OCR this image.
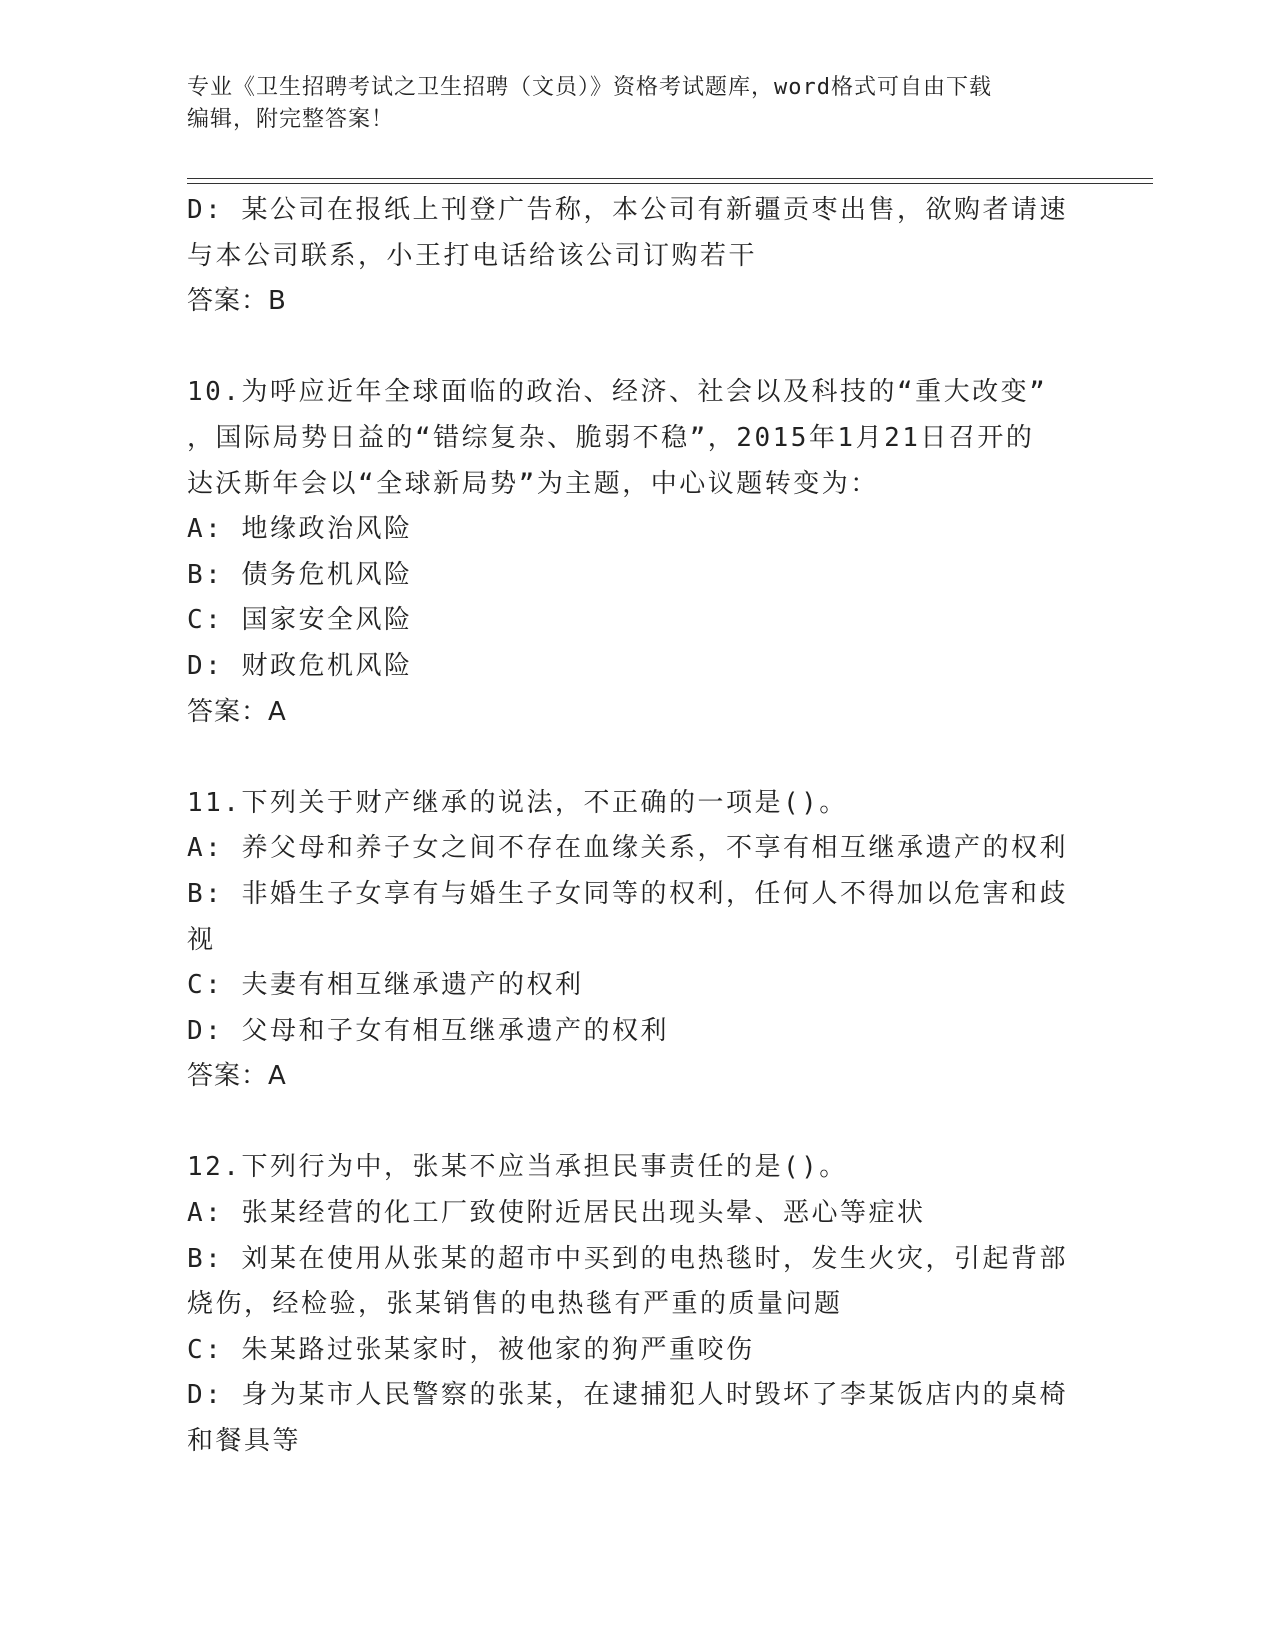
专业《卫生招聘考试之卫生招聘（文员）》资格考试题库，word格式可自由下载
编辑，附完整答案！
D: 某公司在报纸上刊登广告称，本公司有新疆贡枣出售，欲购者请速
与本公司联系，小王打电话给该公司订购若干
答案：B
10.为呼应近年全球面临的政治、经济、社会以及科技的“重大改变”
，国际局势日益的“错综复杂、脆弱不稳”，2015年1月21日召开的
达沃斯年会以“全球新局势”为主题，中心议题转变为：
A: 地缘政治风险
B: 债务危机风险
C: 国家安全风险
D: 财政危机风险
答案：A
11.下列关于财产继承的说法，不正确的一项是()。
A: 养父母和养子女之间不存在血缘关系，不享有相互继承遗产的权利
B: 非婚生子女享有与婚生子女同等的权利，任何人不得加以危害和歧
视
C: 夫妻有相互继承遗产的权利
D: 父母和子女有相互继承遗产的权利
答案：A
12.下列行为中，张某不应当承担民事责任的是()。
A: 张某经营的化工厂致使附近居民出现头晕、恶心等症状
B: 刘某在使用从张某的超市中买到的电热毯时，发生火灾，引起背部
烧伤，经检验，张某销售的电热毯有严重的质量问题
C: 朱某路过张某家时，被他家的狗严重咬伤
D: 身为某市人民警察的张某，在逮捕犯人时毁坏了李某饭店内的桌椅
和餐具等
